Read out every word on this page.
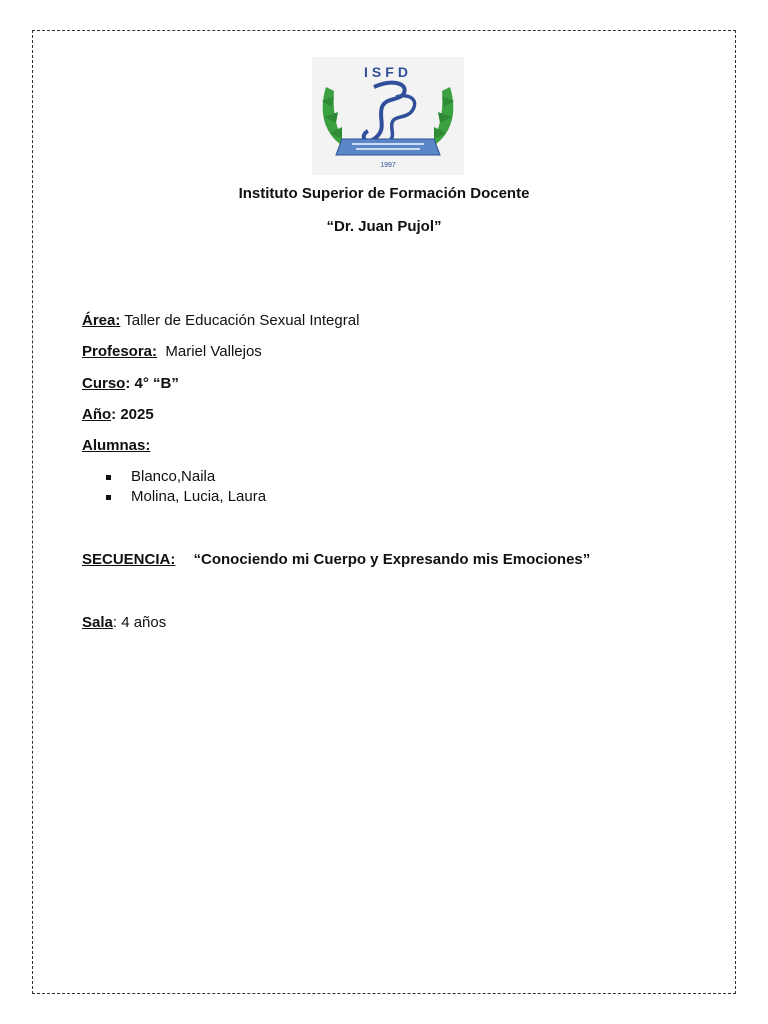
ISFD
1997
Instituto Superior de Formación Docente
“Dr. Juan Pujol”
Área: Taller de Educación Sexual Integral
Profesora: Mariel Vallejos
Curso: 4° “B”
Año: 2025
Alumnas:
Blanco,Naila
Molina, Lucia, Laura
SECUENCIA: “Conociendo mi Cuerpo y Expresando mis Emociones”
Sala: 4 años
